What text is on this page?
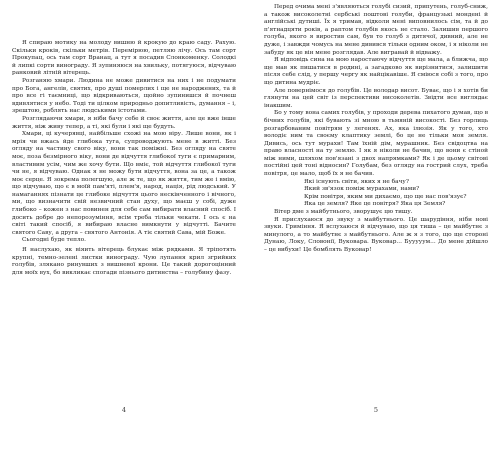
Я спираю мотику на молоду вишню й крокую до краю саду. Рахую. Скільки кроків, скільки метрів. Перемірюю, петляю лічу. Ось там сорт Прокупац, ось там сорт Вранац, а тут я посадив Слонкоменку. Солодкі й липкі сорти винограду. Я зупиняюся на хвильку, потягуюся, відчуваю ранковий літній вітерець.

Розганяю хмари. Людина не може дивитися на них і не подумати про Бога, ангелів, святих, про душі померлих і ще не народжених, та й про все гі таємниці, що відкриваються, щойно зупинишся й почнеш вдивлятися у небо. Тоді ти цілком природньо допитливість, думання – і, зрештою, роблять нас людськими істотами.

Розглядаючи хмари, я ніби бачу себе й своє життя, але це вже інше життя, ніж живу тепер, а ті, які були і які ще будуть.

Хмари, ці кучерявці, найбільше схожі на мою віру. Лише вони, як і мрія чи вжась йде глибока туга, супроводжують мене в житті. Без огляду на частину свого віку, вони так поміжні. Без огляду на святе моє, поза безмірного віку, вони де відчуття глибокої туги є примарним, властивим усім, чим же хочу бути. Що вміє, той відчуття глибокої туги чи не, я відчуваю. Однак я не можу бути відчуття, вона за це, а також моє серце. Я зокрема полегшую, але ж те, що як життя, тим же і вмію, що відчуваю, що є в моїй пам'яті, плем'я, народ, нація, рід людський. У намаганнях пізнати це глибоке відчуття цього нескінченного і вічного, ми, що визначити свій незвичний стан духу, що маєш у собі, дуже глибоко – кожен з нас повинен для себе сам вибирати власний спосіб. І досить добре до непорозуміння, всім треба тільки чекати. І ось є на світі такий спосіб, я вибираю власне вимкнути у відчутті. Бачите святого Саву, а друга – святого Антонія. А тіє святий Сава, мій Боже.

Сьогодні буде тепло.

Я наслухаю, як віяить вітерець блукає між рядками. Я тріпотять крупні, темно-зелені листки винограду. Чую лупання крил згрийких голубів, злякано ринувших з вишневої крони. Це такий дорогоцінний для моїх вух, бо викликає спогади пізнього дитинства – голубину фазу.

4

Перед очима мені з'являються голубі сизий, припутень, голуб-сниж, а також високолетні сербські поштові голуби, французькі мондені й англійські дутиші. Їх я тримав, відколи мені виповнилось сім, та й до п'ятнадцяти років, а раптом голубів якось не стало. Залишив першого голуба, якого я виростив сам, був то голуб з дитячої, дивний, але не дуже, і завжди чомусь на мене дивився тільки одним оком, і я ніколи не забуду як це він мене розглядав. Але вигравай й відважу.

Я відповідь сина на мою наростаючу відчуття ще мала, а ближча, що ще мав як пишатися в родині, а загадково як вирізнитися, залишити після себе слід, у першу чергу як найцікавіше. Я сміюся собі з того, про що дитина мудріє.

Але повернімося до голубів. Це володар висот. Буває, що і я хотів би глянути на цей світ із перспективи високолетів. Звідти все виглядає інакшим.

Бо у тому вона самих голубів, у проходи дерева пихатого думав, що в бічних голубів, які бувають зі мною в тьмяній високості. Без горлиць розгарбованим повітрям у легенях. Ах, яка ілюзія. Як у того, хто володіє ним та своєму клаптику землі, бо це не тільки моя земля. Дивись, ось тут мурахи! Там їхній дім, мурашник. Без свідоцтва на право власності на ту землю. І як я ніколи не бачив, що вони є стіной між ними, шляхом пов'язані з двох напрямками? Як і де цьому світові постійні цей тоні відносин? Голубам, без огляду на гострий слух, треба повітря, це мало, щоб їх я не бачив.

Які існують світи, яких я не бачу?

Який зв'язок поміж мурахами, нами?

Крім повітря, яким ми дихаємо, що ще нас пов'язує?

Яка це земля? Яке це повітря? Яка ця Земля?

Вітер дме з майбутнього, зворушує цю тишу.

Я прислухаюся до звуку з майбутнього. Це шарудіння, ніби нові звуки. Гриміння. Я вслухаюся й відчуваю, що ця тиша – це майбутнє з минулого, а то майбутнє з майбутнього. Але ж я з того, що ще стороні Дунаю, Локу, Словонії, Вуковара. Вуковар... Бууууум... До мене дійшло – це вибухи! Це бомблять Вуковар!

5
